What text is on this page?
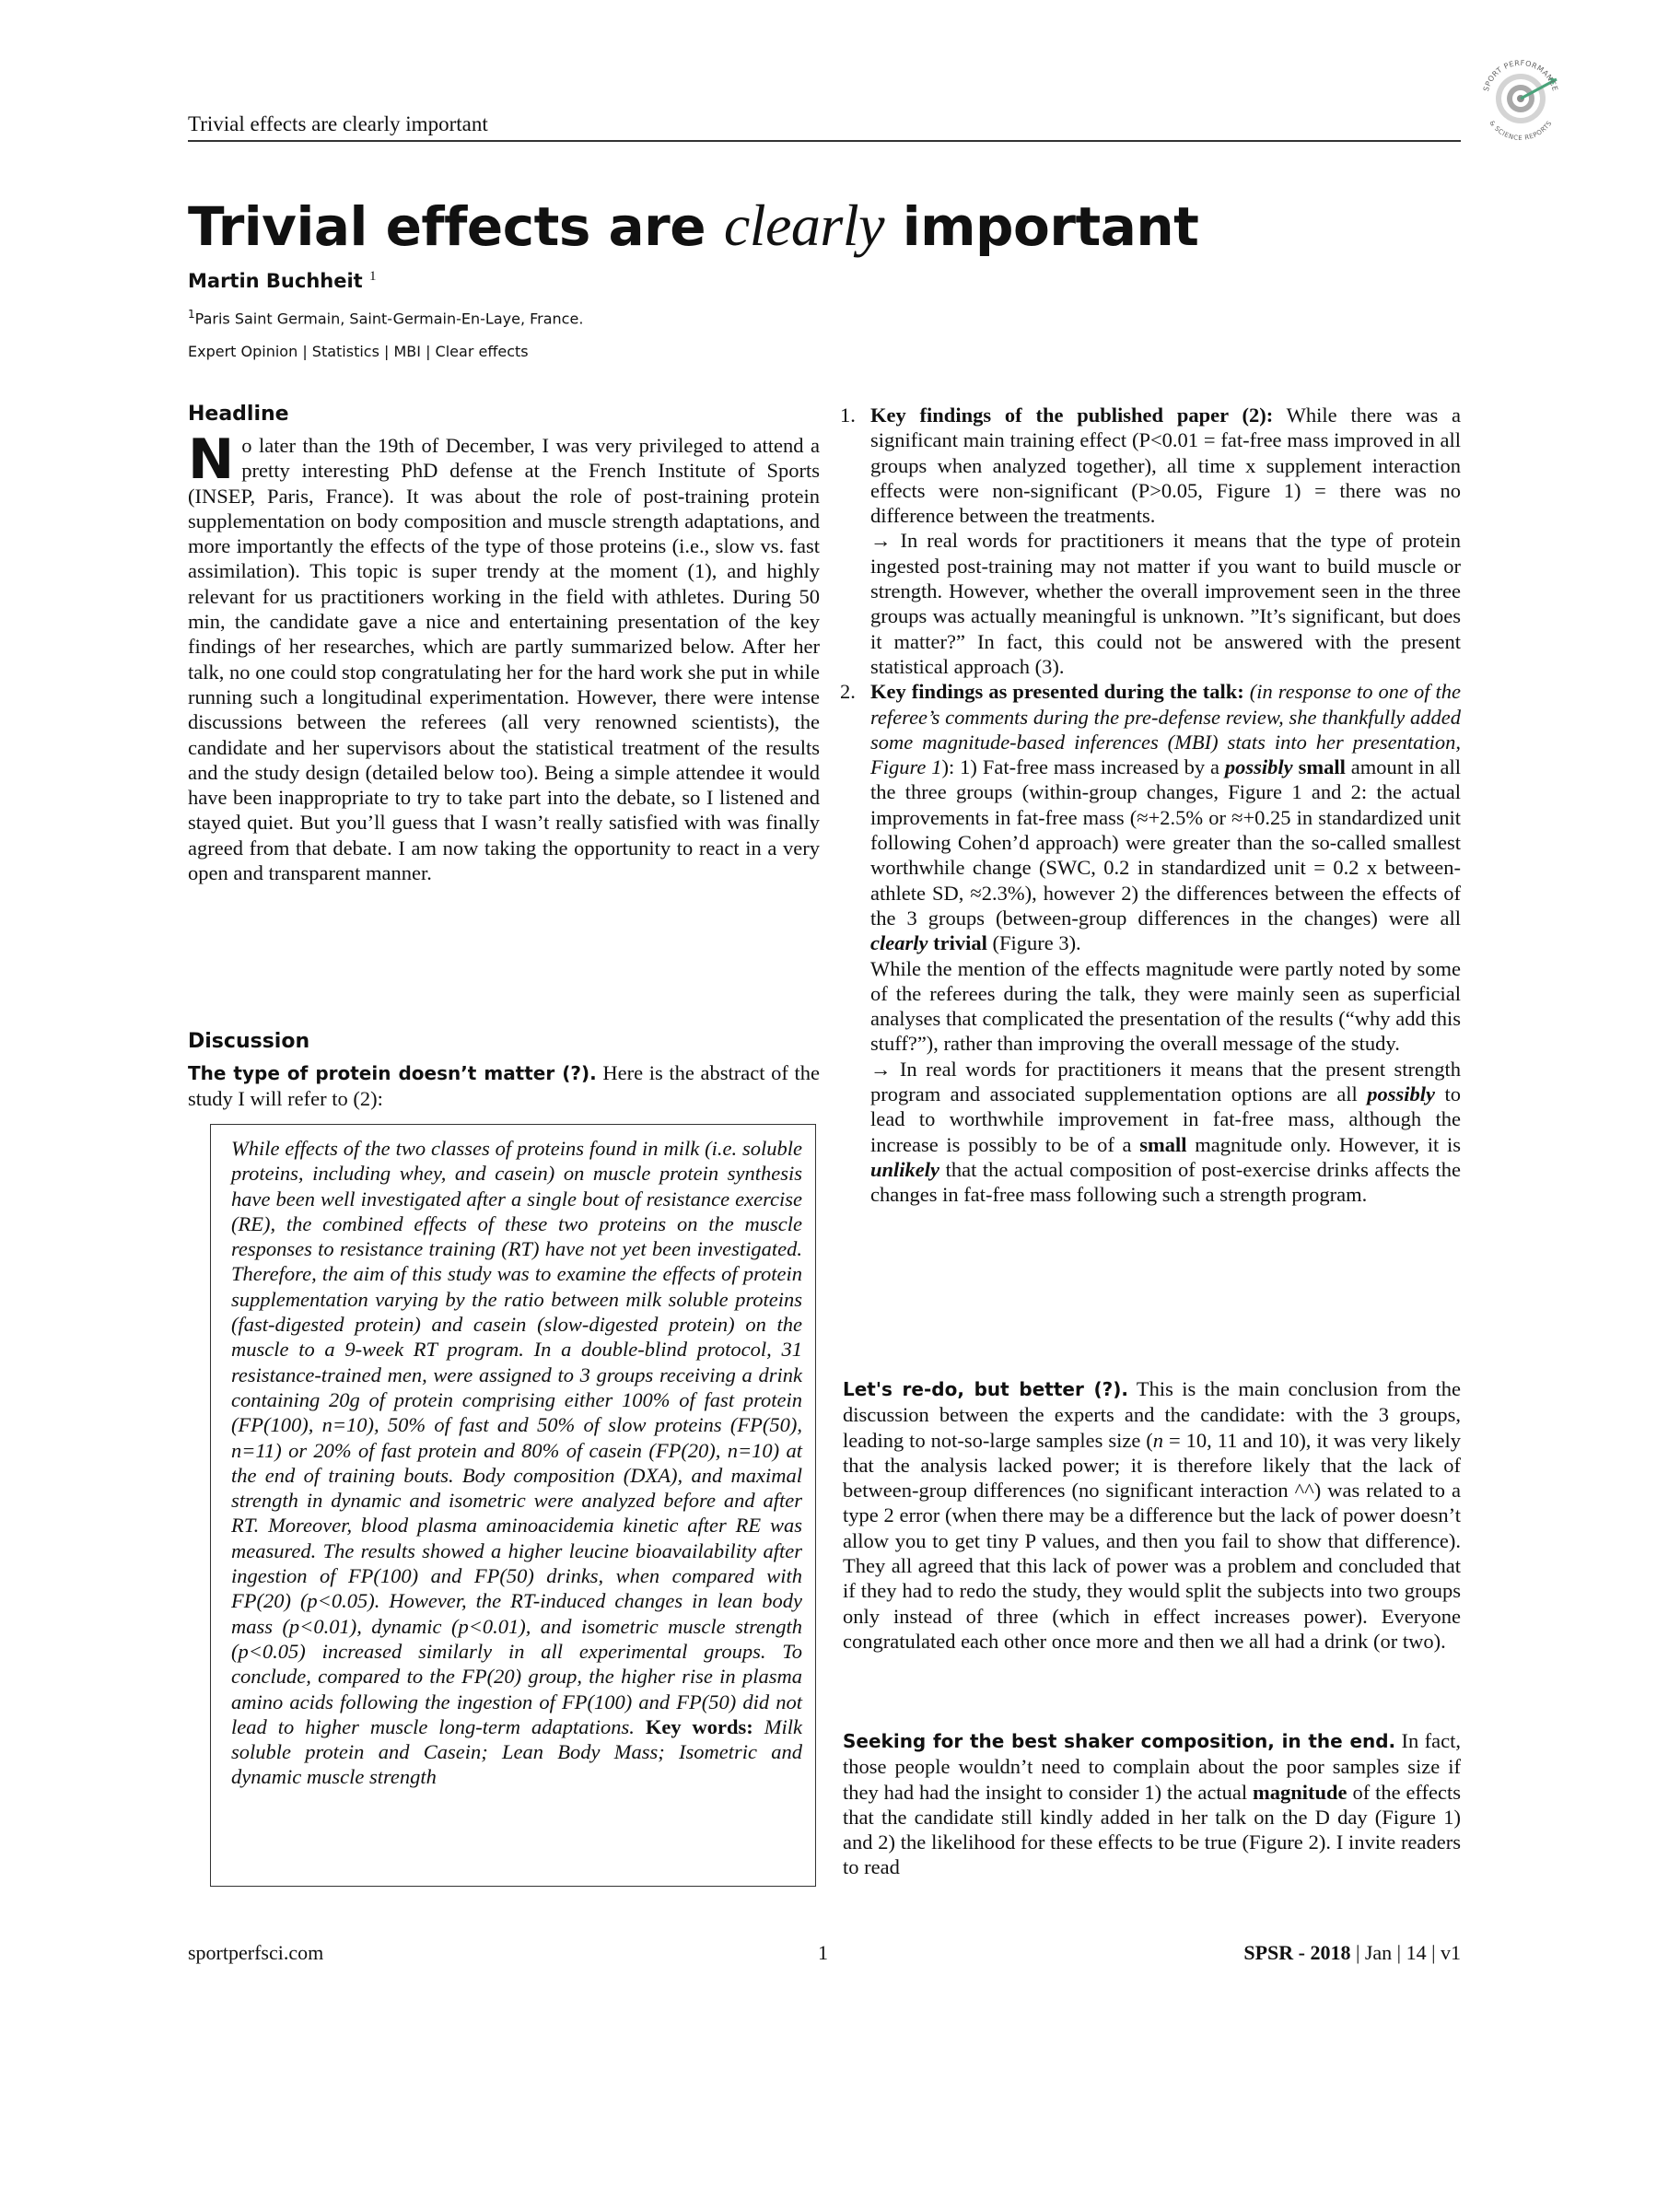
Trivial effects are clearly important
SPORT PERFORMANCE
& SCIENCE REPORTS
Trivial effects are clearly important
Martin Buchheit $^1$
$^1$Paris Saint Germain, Saint-Germain-En-Laye, France.
Expert Opinion | Statistics | MBI | Clear effects
Headline

No later than the 19th of December, I was very privileged to attend a pretty interesting PhD defense at the French Institute of Sports (INSEP, Paris, France). It was about the role of post-training protein supplementation on body composition and muscle strength adaptations, and more importantly the effects of the type of those proteins (i.e., slow vs. fast assimilation). This topic is super trendy at the moment (1), and highly relevant for us practitioners working in the field with athletes. During 50 min, the candidate gave a nice and entertaining presentation of the key findings of her researches, which are partly summarized below. After her talk, no one could stop congratulating her for the hard work she put in while running such a longitudinal experimentation. However, there were intense discussions between the referees (all very renowned scientists), the candidate and her supervisors about the statistical treatment of the results and the study design (detailed below too). Being a simple attendee it would have been inappropriate to try to take part into the debate, so I listened and stayed quiet. But you’ll guess that I wasn’t really satisfied with was finally agreed from that debate. I am now taking the opportunity to react in a very open and transparent manner.

Discussion

The type of protein doesn’t matter (?). Here is the abstract of the study I will refer to (2):

While effects of the two classes of proteins found in milk (i.e. soluble proteins, including whey, and casein) on muscle protein synthesis have been well investigated after a single bout of resistance exercise (RE), the combined effects of these two proteins on the muscle responses to resistance training (RT) have not yet been investigated. Therefore, the aim of this study was to examine the effects of protein supplementation varying by the ratio between milk soluble proteins (fast-digested protein) and casein (slow-digested protein) on the muscle to a 9-week RT program. In a double-blind protocol, 31 resistance-trained men, were assigned to 3 groups receiving a drink containing 20g of protein comprising either 100% of fast protein (FP(100), n=10), 50% of fast and 50% of slow proteins (FP(50), n=11) or 20% of fast protein and 80% of casein (FP(20), n=10) at the end of training bouts. Body composition (DXA), and maximal strength in dynamic and isometric were analyzed before and after RT. Moreover, blood plasma aminoacidemia kinetic after RE was measured. The results showed a higher leucine bioavailability after ingestion of FP(100) and FP(50) drinks, when compared with FP(20) (p<0.05). However, the RT-induced changes in lean body mass (p<0.01), dynamic (p<0.01), and isometric muscle strength (p<0.05) increased similarly in all experimental groups. To conclude, compared to the FP(20) group, the higher rise in plasma amino acids following the ingestion of FP(100) and FP(50) did not lead to higher muscle long-term adaptations. Key words: Milk soluble protein and Casein; Lean Body Mass; Isometric and dynamic muscle strength
1. Key findings of the published paper (2): While there was a significant main training effect (P<0.01 = fat-free mass improved in all groups when analyzed together), all time x supplement interaction effects were non-significant (P>0.05, Figure 1) = there was no difference between the treatments.

→ In real words for practitioners it means that the type of protein ingested post-training may not matter if you want to build muscle or strength. However, whether the overall improvement seen in the three groups was actually meaningful is unknown. ”It’s significant, but does it matter?” In fact, this could not be answered with the present statistical approach (3).

2. Key findings as presented during the talk: (in response to one of the referee’s comments during the pre-defense review, she thankfully added some magnitude-based inferences (MBI) stats into her presentation, Figure 1): 1) Fat-free mass increased by a possibly small amount in all the three groups (within-group changes, Figure 1 and 2: the actual improvements in fat-free mass (≈+2.5% or ≈+0.25 in standardized unit following Cohen’d approach) were greater than the so-called smallest worthwhile change (SWC, 0.2 in standardized unit = 0.2 x between-athlete SD, ≈2.3%), however 2) the differences between the effects of the 3 groups (between-group differences in the changes) were all clearly trivial (Figure 3).

While the mention of the effects magnitude were partly noted by some of the referees during the talk, they were mainly seen as superficial analyses that complicated the presentation of the results (“why add this stuff?”), rather than improving the overall message of the study.

→ In real words for practitioners it means that the present strength program and associated supplementation options are all possibly to lead to worthwhile improvement in fat-free mass, although the increase is possibly to be of a small magnitude only. However, it is unlikely that the actual composition of post-exercise drinks affects the changes in fat-free mass following such a strength program.

Let's re-do, but better (?). This is the main conclusion from the discussion between the experts and the candidate: with the 3 groups, leading to not-so-large samples size (n = 10, 11 and 10), it was very likely that the analysis lacked power; it is therefore likely that the lack of between-group differences (no significant interaction ^^) was related to a type 2 error (when there may be a difference but the lack of power doesn’t allow you to get tiny P values, and then you fail to show that difference). They all agreed that this lack of power was a problem and concluded that if they had to redo the study, they would split the subjects into two groups only instead of three (which in effect increases power). Everyone congratulated each other once more and then we all had a drink (or two).

Seeking for the best shaker composition, in the end. In fact, those people wouldn’t need to complain about the poor samples size if they had had the insight to consider 1) the actual magnitude of the effects that the candidate still kindly added in her talk on the D day (Figure 1) and 2) the likelihood for these effects to be true (Figure 2). I invite readers to read

sportperfsci.com	1	SPSR - 2018 | Jan | 14 | v1
